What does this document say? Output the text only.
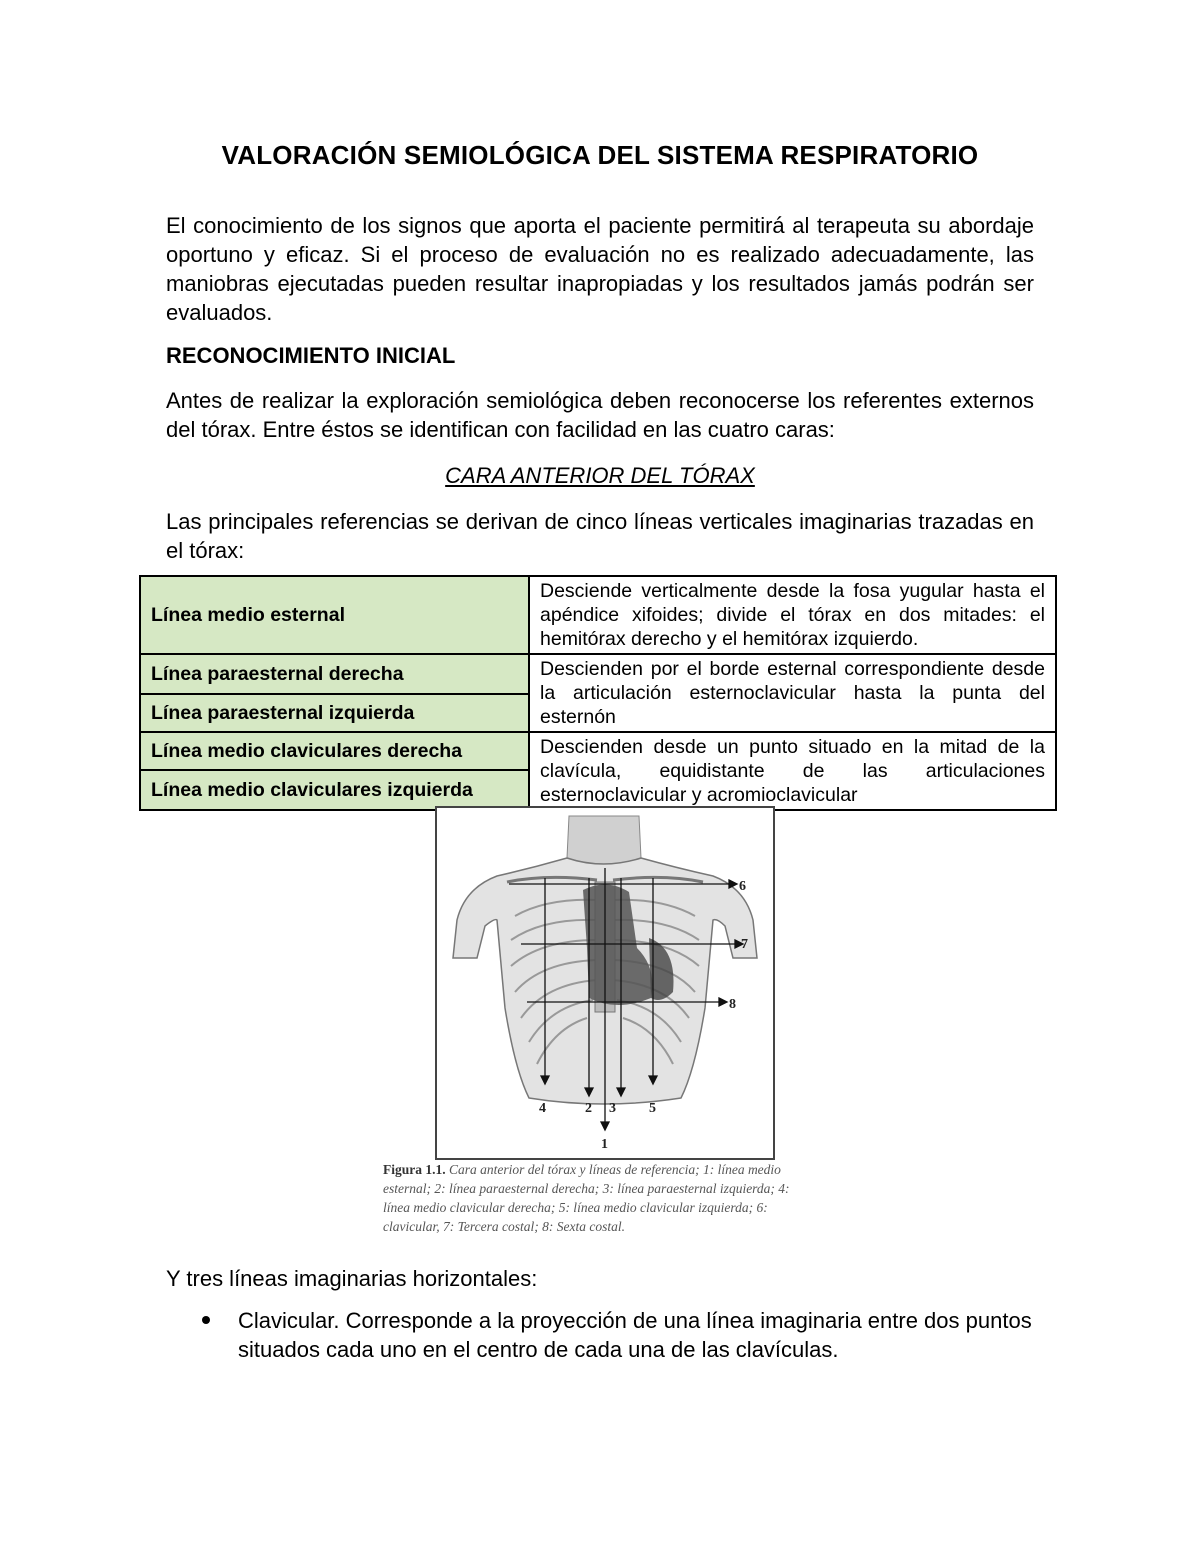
VALORACIÓN SEMIOLÓGICA DEL SISTEMA RESPIRATORIO

El conocimiento de los signos que aporta el paciente permitirá al terapeuta su abordaje oportuno y eficaz. Si el proceso de evaluación no es realizado adecuadamente, las maniobras ejecutadas pueden resultar inapropiadas y los resultados jamás podrán ser evaluados.

RECONOCIMIENTO INICIAL

Antes de realizar la exploración semiológica deben reconocerse los referentes externos del tórax. Entre éstos se identifican con facilidad en las cuatro caras:

CARA ANTERIOR DEL TÓRAX

Las principales referencias se derivan de cinco líneas verticales imaginarias trazadas en el tórax:

Línea medio esternal	Desciende verticalmente desde la fosa yugular hasta el apéndice xifoides; divide el tórax en dos mitades: el hemitórax derecho y el hemitórax izquierdo.
Línea paraesternal derecha	Descienden por el borde esternal correspondiente desde la articulación esternoclavicular hasta la punta del esternón
Línea paraesternal izquierda	
Línea medio claviculares derecha	Descienden desde un punto situado en la mitad de la clavícula, equidistante de las articulaciones esternoclavicular y acromioclavicular
Línea medio claviculares izquierda	
1
2 3
4	5
6
7
8

Figura 1.1. Cara anterior del tórax y líneas de referencia; 1: línea medio esternal; 2: línea paraesternal derecha; 3: línea paraesternal izquierda; 4: línea medio clavicular derecha; 5: línea medio clavicular izquierda; 6: clavicular, 7: Tercera costal; 8: Sexta costal.

Y tres líneas imaginarias horizontales:

Clavicular. Corresponde a la proyección de una línea imaginaria entre dos puntos situados cada uno en el centro de cada una de las clavículas.
